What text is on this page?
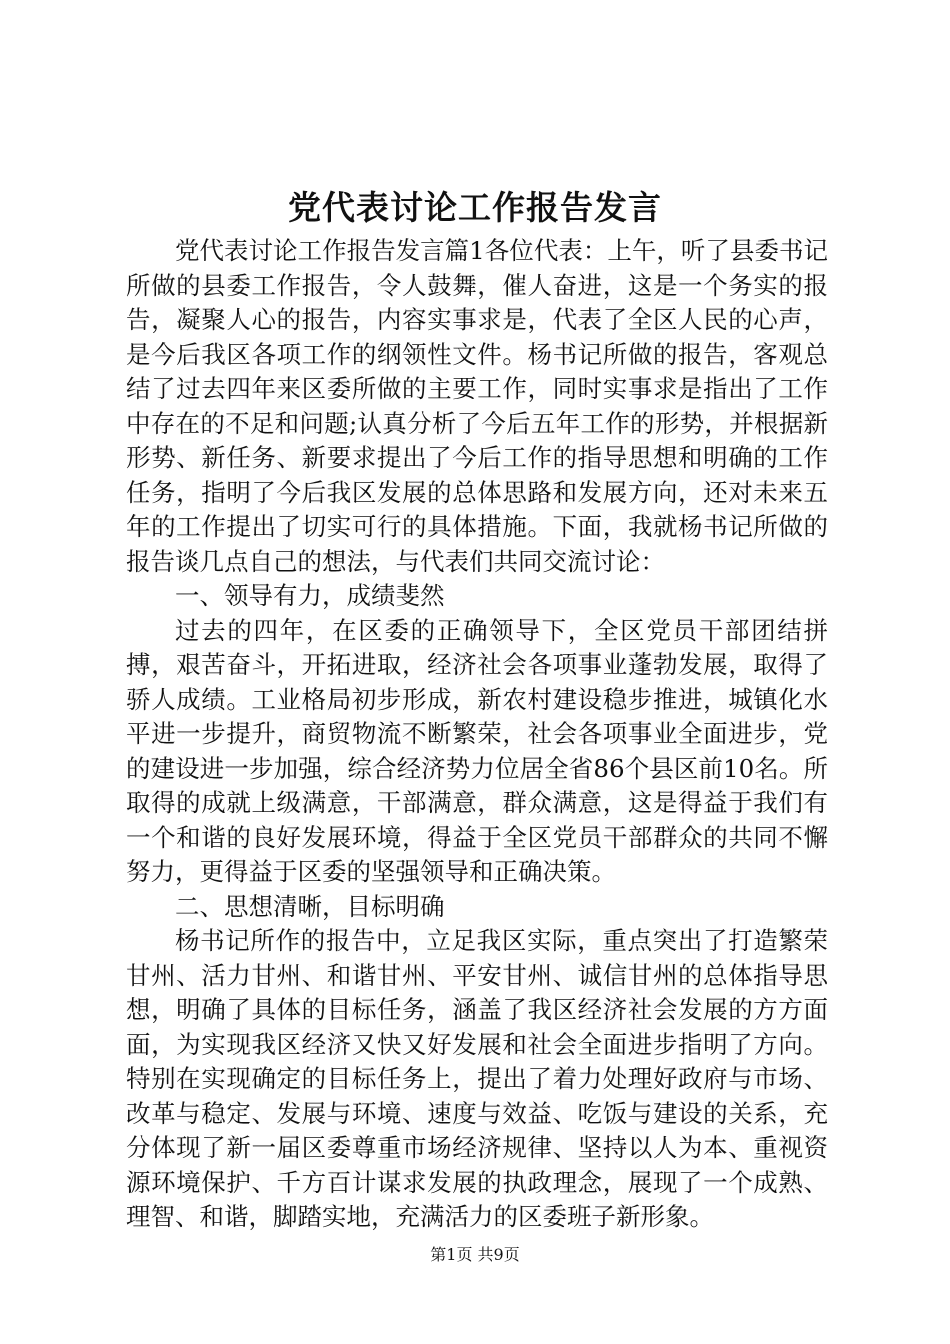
党代表讨论工作报告发言

党代表讨论工作报告发言篇1各位代表：上午，听了县委书记所做的县委工作报告，令人鼓舞，催人奋进，这是一个务实的报告，凝聚人心的报告，内容实事求是，代表了全区人民的心声，是今后我区各项工作的纲领性文件。杨书记所做的报告，客观总结了过去四年来区委所做的主要工作，同时实事求是指出了工作中存在的不足和问题;认真分析了今后五年工作的形势，并根据新形势、新任务、新要求提出了今后工作的指导思想和明确的工作任务，指明了今后我区发展的总体思路和发展方向，还对未来五年的工作提出了切实可行的具体措施。下面，我就杨书记所做的报告谈几点自己的想法，与代表们共同交流讨论：

一、领导有力，成绩斐然

过去的四年，在区委的正确领导下，全区党员干部团结拼搏，艰苦奋斗，开拓进取，经济社会各项事业蓬勃发展，取得了骄人成绩。工业格局初步形成，新农村建设稳步推进，城镇化水平进一步提升，商贸物流不断繁荣，社会各项事业全面进步，党的建设进一步加强，综合经济势力位居全省86个县区前10名。所取得的成就上级满意，干部满意，群众满意，这是得益于我们有一个和谐的良好发展环境，得益于全区党员干部群众的共同不懈努力，更得益于区委的坚强领导和正确决策。

二、思想清晰，目标明确

杨书记所作的报告中，立足我区实际，重点突出了打造繁荣甘州、活力甘州、和谐甘州、平安甘州、诚信甘州的总体指导思想，明确了具体的目标任务，涵盖了我区经济社会发展的方方面面，为实现我区经济又快又好发展和社会全面进步指明了方向。特别在实现确定的目标任务上，提出了着力处理好政府与市场、改革与稳定、发展与环境、速度与效益、吃饭与建设的关系，充分体现了新一届区委尊重市场经济规律、坚持以人为本、重视资源环境保护、千方百计谋求发展的执政理念，展现了一个成熟、理智、和谐，脚踏实地，充满活力的区委班子新形象。

第1页 共9页
